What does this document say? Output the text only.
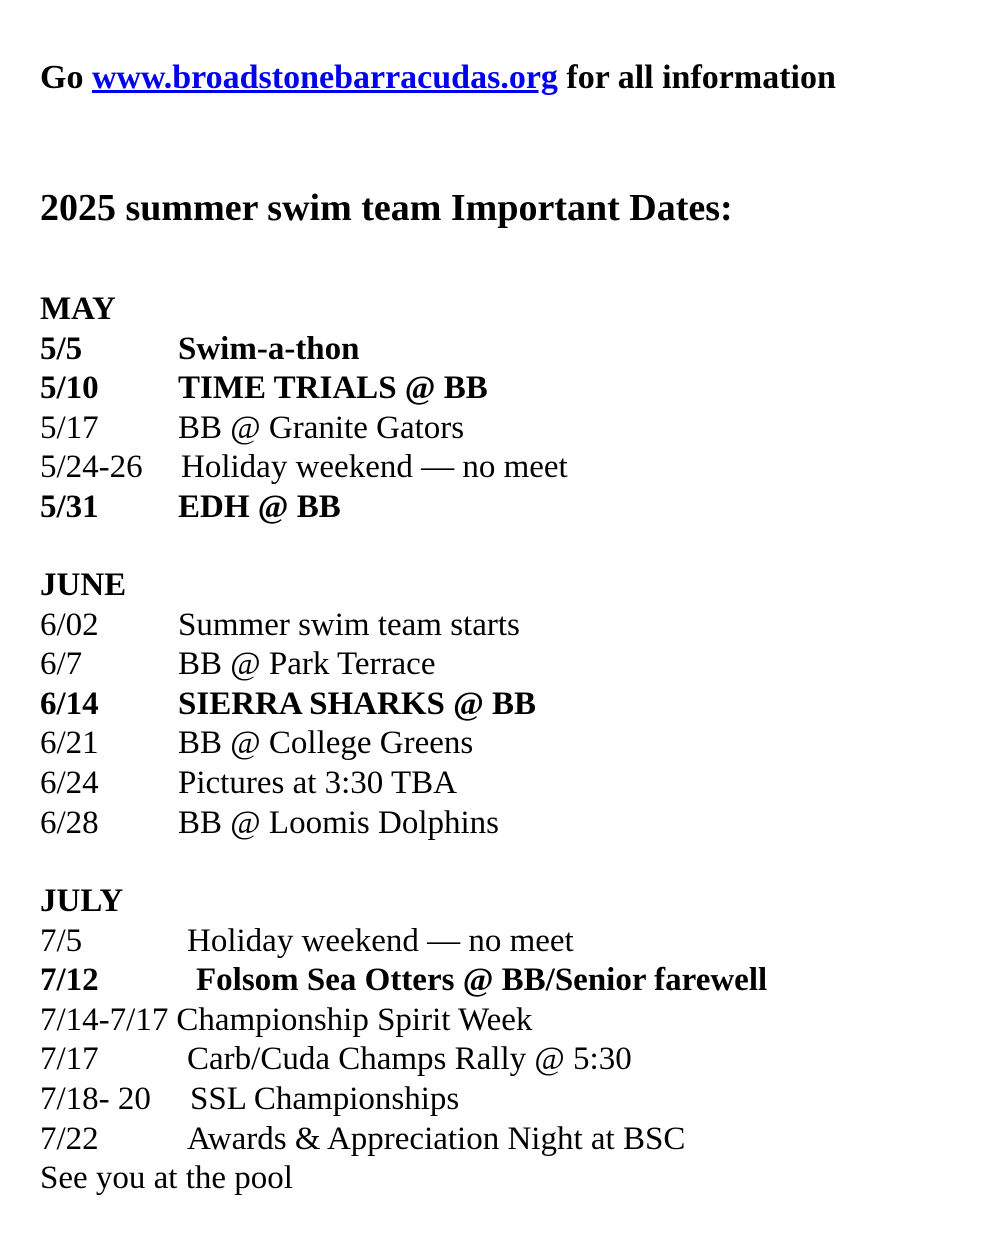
Go www.broadstonebarracudas.org for all information
2025 summer swim team Important Dates:
MAY
5/5	Swim-a-thon
5/10 TIME TRIALS @ BB
5/17 BB @ Granite Gators
5/24-26 Holiday weekend — no meet
5/31 EDH @ BB
JUNE
6/02 Summer swim team starts
6/7	BB @ Park Terrace
6/14 SIERRA SHARKS @ BB
6/21 BB @ College Greens
6/24 Pictures at 3:30 TBA
6/28 BB @ Loomis Dolphins
JULY
7/5	Holiday weekend — no meet
7/12	Folsom Sea Otters @ BB/Senior farewell
7/14-7/17 Championship Spirit Week
7/17	Carb/Cuda Champs Rally @ 5:30
7/18- 20 SSL Championships
7/22	Awards & Appreciation Night at BSC
See you at the pool
